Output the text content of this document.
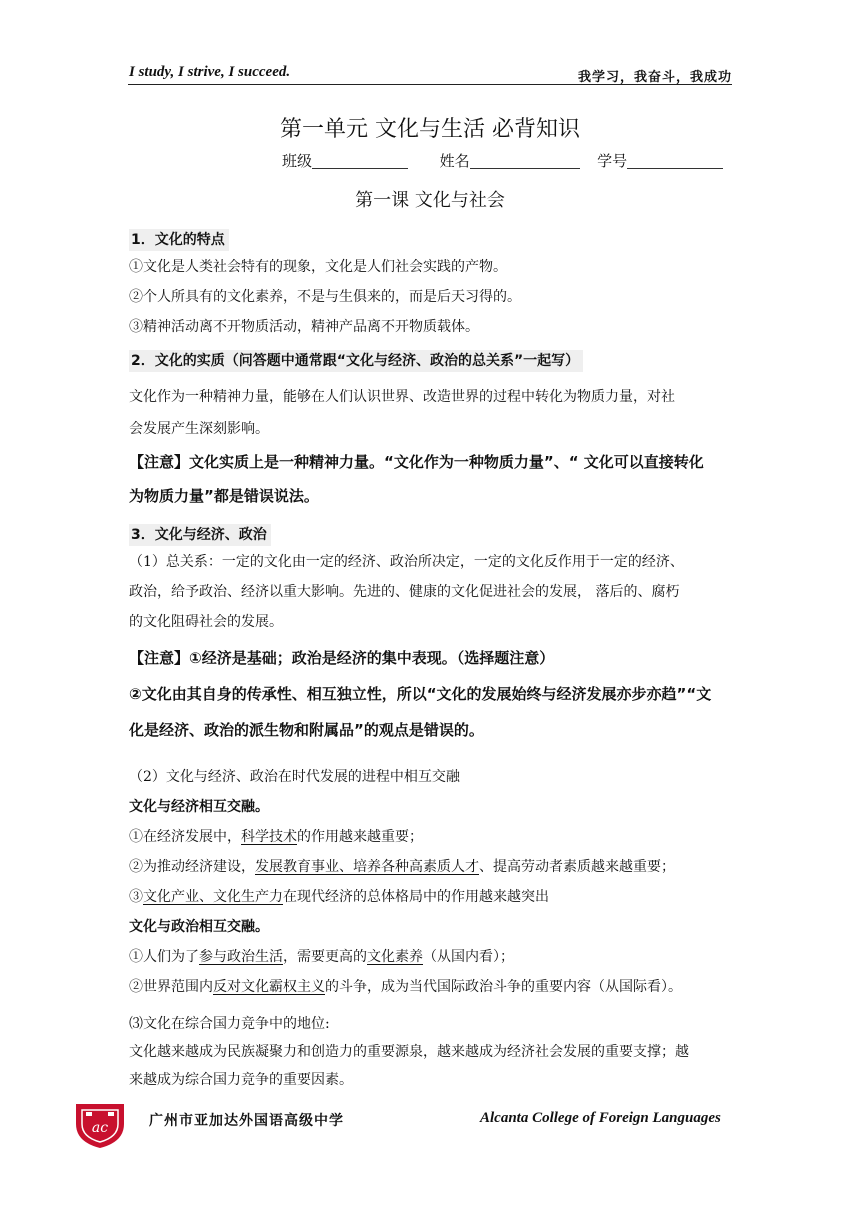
I study, I strive, I succeed.	我学习，我奋斗，我成功
第一单元 文化与生活 必背知识
班级	姓名	学号
第一课 文化与社会
1．文化的特点
①文化是人类社会特有的现象，文化是人们社会实践的产物。
②个人所具有的文化素养，不是与生俱来的，而是后天习得的。
③精神活动离不开物质活动，精神产品离不开物质载体。
2．文化的实质（问答题中通常跟“文化与经济、政治的总关系”一起写）
文化作为一种精神力量，能够在人们认识世界、改造世界的过程中转化为物质力量，对社
会发展产生深刻影响。
【注意】文化实质上是一种精神力量。“文化作为一种物质力量”、“ 文化可以直接转化
为物质力量”都是错误说法。
3．文化与经济、政治
（1）总关系：一定的文化由一定的经济、政治所决定，一定的文化反作用于一定的经济、
政治，给予政治、经济以重大影响。先进的、健康的文化促进社会的发展， 落后的、腐朽
的文化阻碍社会的发展。
【注意】①经济是基础；政治是经济的集中表现。（选择题注意）
②文化由其自身的传承性、相互独立性，所以“文化的发展始终与经济发展亦步亦趋”“文
化是经济、政治的派生物和附属品”的观点是错误的。
（2）文化与经济、政治在时代发展的进程中相互交融
文化与经济相互交融。
①在经济发展中，科学技术的作用越来越重要；
②为推动经济建设，发展教育事业、培养各种高素质人才、提高劳动者素质越来越重要；
③文化产业、文化生产力在现代经济的总体格局中的作用越来越突出
文化与政治相互交融。
①人们为了参与政治生活，需要更高的文化素养（从国内看）；
②世界范围内反对文化霸权主义的斗争，成为当代国际政治斗争的重要内容（从国际看）。
⑶文化在综合国力竞争中的地位:
文化越来越成为民族凝聚力和创造力的重要源泉，越来越成为经济社会发展的重要支撑；越
来越成为综合国力竞争的重要因素。
ac	广州市亚加达外国语高级中学	Alcanta College of Foreign Languages
